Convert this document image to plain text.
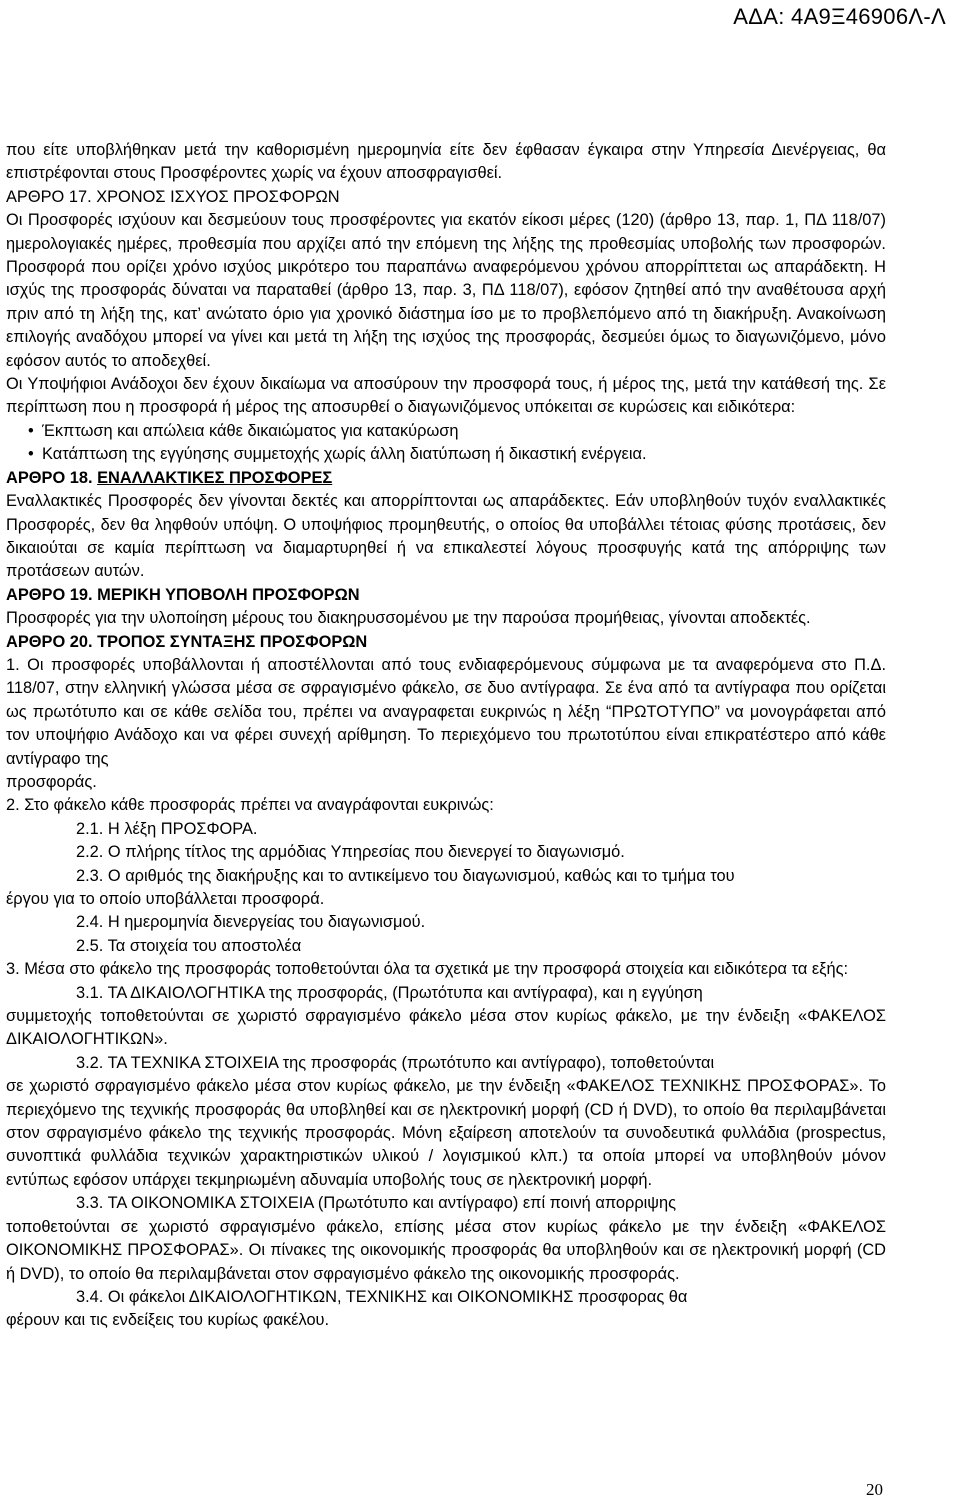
ΑΔΑ: 4Α9Ξ46906Λ-Λ

που είτε υποβλήθηκαν μετά την καθορισμένη ημερομηνία είτε δεν έφθασαν έγκαιρα στην Υπηρεσία Διενέργειας, θα επιστρέφονται στους Προσφέροντες χωρίς να έχουν αποσφραγισθεί.

ΑΡΘΡΟ 17. ΧΡΟΝΟΣ ΙΣΧΥΟΣ ΠΡΟΣΦΟΡΩΝ

Οι Προσφορές ισχύουν και δεσμεύουν τους προσφέροντες για εκατόν είκοσι μέρες (120) (άρθρο 13, παρ. 1, ΠΔ 118/07) ημερολογιακές ημέρες, προθεσμία που αρχίζει από την επόμενη της λήξης της προθεσμίας υποβολής των προσφορών. Προσφορά που ορίζει χρόνο ισχύος μικρότερο του παραπάνω αναφερόμενου χρόνου απορρίπτεται ως απαράδεκτη. Η ισχύς της προσφοράς δύναται να παραταθεί (άρθρο 13, παρ. 3, ΠΔ 118/07), εφόσον ζητηθεί από την αναθέτουσα αρχή πριν από τη λήξη της, κατ’ ανώτατο όριο για χρονικό διάστημα ίσο με το προβλεπόμενο από τη διακήρυξη. Ανακοίνωση επιλογής αναδόχου μπορεί να γίνει και μετά τη λήξη της ισχύος της προσφοράς, δεσμεύει όμως το διαγωνιζόμενο, μόνο εφόσον αυτός το αποδεχθεί.

Οι Υποψήφιοι Ανάδοχοι δεν έχουν δικαίωμα να αποσύρουν την προσφορά τους, ή μέρος της, μετά την κατάθεσή της. Σε περίπτωση που η προσφορά ή μέρος της αποσυρθεί ο διαγωνιζόμενος υπόκειται σε κυρώσεις και ειδικότερα:

• Έκπτωση και απώλεια κάθε δικαιώματος για κατακύρωση

• Κατάπτωση της εγγύησης συμμετοχής χωρίς άλλη διατύπωση ή δικαστική ενέργεια.

ΑΡΘΡΟ 18. ΕΝΑΛΛΑΚΤΙΚΕΣ ΠΡΟΣΦΟΡΕΣ

Εναλλακτικές Προσφορές δεν γίνονται δεκτές και απορρίπτονται ως απαράδεκτες. Εάν υποβληθούν τυχόν εναλλακτικές Προσφορές, δεν θα ληφθούν υπόψη. Ο υποψήφιος προμηθευτής, ο οποίος θα υποβάλλει τέτοιας φύσης προτάσεις, δεν δικαιούται σε καμία περίπτωση να διαμαρτυρηθεί ή να επικαλεστεί λόγους προσφυγής κατά της απόρριψης των προτάσεων αυτών.

ΑΡΘΡΟ 19. ΜΕΡΙΚΗ ΥΠΟΒΟΛΗ ΠΡΟΣΦΟΡΩΝ

Προσφορές για την υλοποίηση μέρους του διακηρυσσομένου με την παρούσα προμήθειας, γίνονται αποδεκτές.

ΑΡΘΡΟ 20. ΤΡΟΠΟΣ ΣΥΝΤΑΞΗΣ ΠΡΟΣΦΟΡΩΝ

1. Οι προσφορές υποβάλλονται ή αποστέλλονται από τους ενδιαφερόμενους σύμφωνα με τα αναφερόμενα στο Π.Δ. 118/07, στην ελληνική γλώσσα μέσα σε σφραγισμένο φάκελο, σε δυο αντίγραφα. Σε ένα από τα αντίγραφα που ορίζεται ως πρωτότυπο και σε κάθε σελίδα του, πρέπει να αναγραφεται ευκρινώς η λέξη “ΠΡΩΤΟΤΥΠΟ” να μονογράφεται από τον υποψήφιο Ανάδοχο και να φέρει συνεχή αρίθμηση. Το περιεχόμενο του πρωτοτύπου είναι επικρατέστερο από κάθε αντίγραφο της

προσφοράς.

2. Στο φάκελο κάθε προσφοράς πρέπει να αναγράφονται ευκρινώς:

2.1. Η λέξη ΠΡΟΣΦΟΡΑ.

2.2. Ο πλήρης τίτλος της αρμόδιας Υπηρεσίας που διενεργεί το διαγωνισμό.

2.3. Ο αριθμός της διακήρυξης και το αντικείμενο του διαγωνισμού, καθώς και το τμήμα του

έργου για το οποίο υποβάλλεται προσφορά.

2.4. Η ημερομηνία διενεργείας του διαγωνισμού.

2.5. Τα στοιχεία του αποστολέα

3. Μέσα στο φάκελο της προσφοράς τοποθετούνται όλα τα σχετικά με την προσφορά στοιχεία και ειδικότερα τα εξής:

3.1. ΤΑ ΔΙΚΑΙΟΛΟΓΗΤΙΚΑ της προσφοράς, (Πρωτότυπα και αντίγραφα), και η εγγύηση

συμμετοχής τοποθετούνται σε χωριστό σφραγισμένο φάκελο μέσα στον κυρίως φάκελο, με την ένδειξη «ΦΑΚΕΛΟΣ ΔΙΚΑΙΟΛΟΓΗΤΙΚΩΝ».

3.2. ΤΑ ΤΕΧΝΙΚΑ ΣΤΟΙΧΕΙΑ της προσφοράς (πρωτότυπο και αντίγραφο), τοποθετούνται

σε χωριστό σφραγισμένο φάκελο μέσα στον κυρίως φάκελο, με την ένδειξη «ΦΑΚΕΛΟΣ ΤΕΧΝΙΚΗΣ ΠΡΟΣΦΟΡΑΣ». Το περιεχόμενο της τεχνικής προσφοράς θα υποβληθεί και σε ηλεκτρονική μορφή (CD ή DVD), το οποίο θα περιλαμβάνεται στον σφραγισμένο φάκελο της τεχνικής προσφοράς. Μόνη εξαίρεση αποτελούν τα συνοδευτικά φυλλάδια (prospectus, συνοπτικά φυλλάδια τεχνικών χαρακτηριστικών υλικού / λογισμικού κλπ.) τα οποία μπορεί να υποβληθούν μόνον εντύπως εφόσον υπάρχει τεκμηριωμένη αδυναμία υποβολής τους σε ηλεκτρονική μορφή.

3.3. ΤΑ ΟΙΚΟΝΟΜΙΚΑ ΣΤΟΙΧΕΙΑ (Πρωτότυπο και αντίγραφο) επί ποινή απορριψης

τοποθετούνται σε χωριστό σφραγισμένο φάκελο, επίσης μέσα στον κυρίως φάκελο με την ένδειξη «ΦΑΚΕΛΟΣ ΟΙΚΟΝΟΜΙΚΗΣ ΠΡΟΣΦΟΡΑΣ». Οι πίνακες της οικονομικής προσφοράς θα υποβληθούν και σε ηλεκτρονική μορφή (CD ή DVD), το οποίο θα περιλαμβάνεται στον σφραγισμένο φάκελο της οικονομικής προσφοράς.

3.4. Οι φάκελοι ΔΙΚΑΙΟΛΟΓΗΤΙΚΩΝ, ΤΕΧΝΙΚΗΣ και ΟΙΚΟΝΟΜΙΚΗΣ προσφορας θα

φέρουν και τις ενδείξεις του κυρίως φακέλου.

20
